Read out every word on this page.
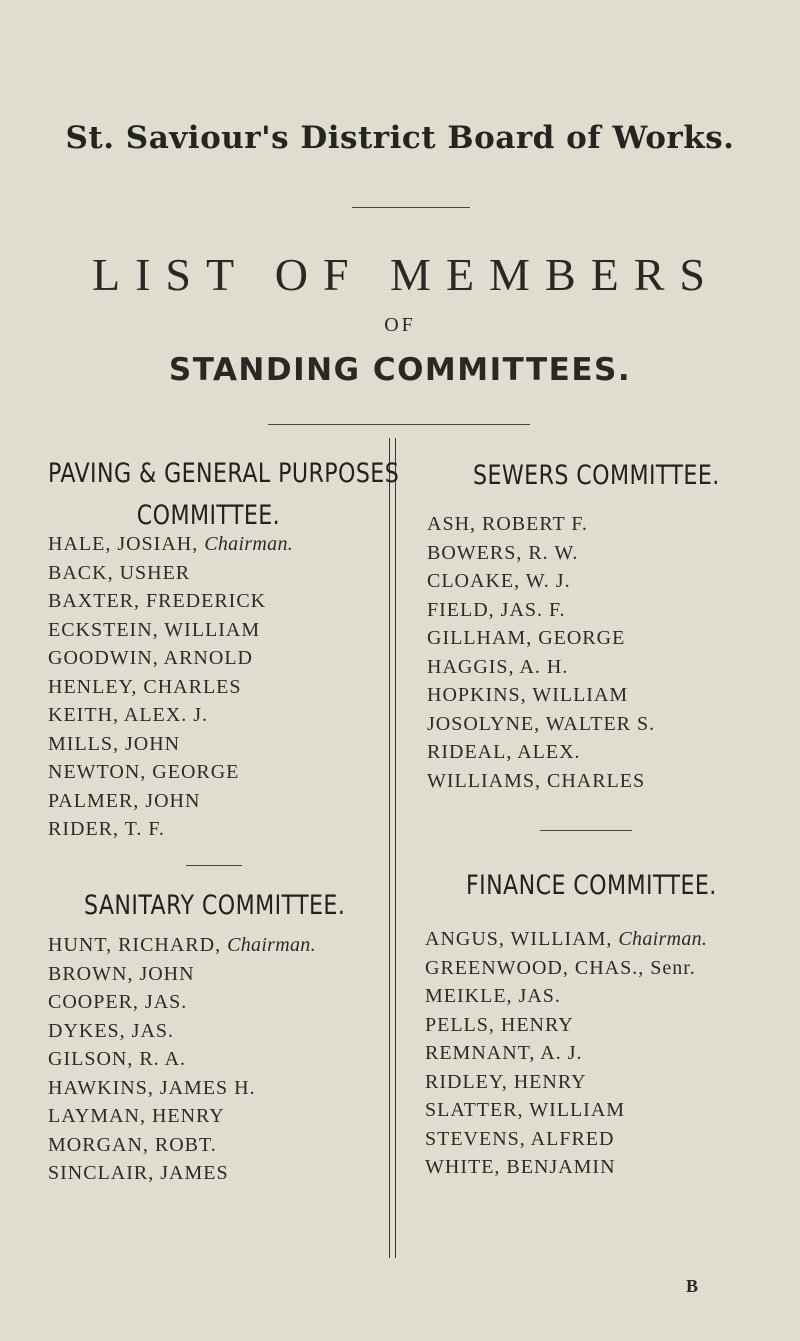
St. Saviour's District Board of Works.
LIST OF MEMBERS
OF
STANDING COMMITTEES.
PAVING & GENERAL PURPOSES
COMMITTEE.
HALE, JOSIAH, Chairman.
BACK, USHER
BAXTER, FREDERICK
ECKSTEIN, WILLIAM
GOODWIN, ARNOLD
HENLEY, CHARLES
KEITH, ALEX. J.
MILLS, JOHN
NEWTON, GEORGE
PALMER, JOHN
RIDER, T. F.
SANITARY COMMITTEE.
HUNT, RICHARD, Chairman.
BROWN, JOHN
COOPER, JAS.
DYKES, JAS.
GILSON, R. A.
HAWKINS, JAMES H.
LAYMAN, HENRY
MORGAN, ROBT.
SINCLAIR, JAMES
SEWERS COMMITTEE.
ASH, ROBERT F.
BOWERS, R. W.
CLOAKE, W. J.
FIELD, JAS. F.
GILLHAM, GEORGE
HAGGIS, A. H.
HOPKINS, WILLIAM
JOSOLYNE, WALTER S.
RIDEAL, ALEX.
WILLIAMS, CHARLES
FINANCE COMMITTEE.
ANGUS, WILLIAM, Chairman.
GREENWOOD, CHAS., Senr.
MEIKLE, JAS.
PELLS, HENRY
REMNANT, A. J.
RIDLEY, HENRY
SLATTER, WILLIAM
STEVENS, ALFRED
WHITE, BENJAMIN
B
